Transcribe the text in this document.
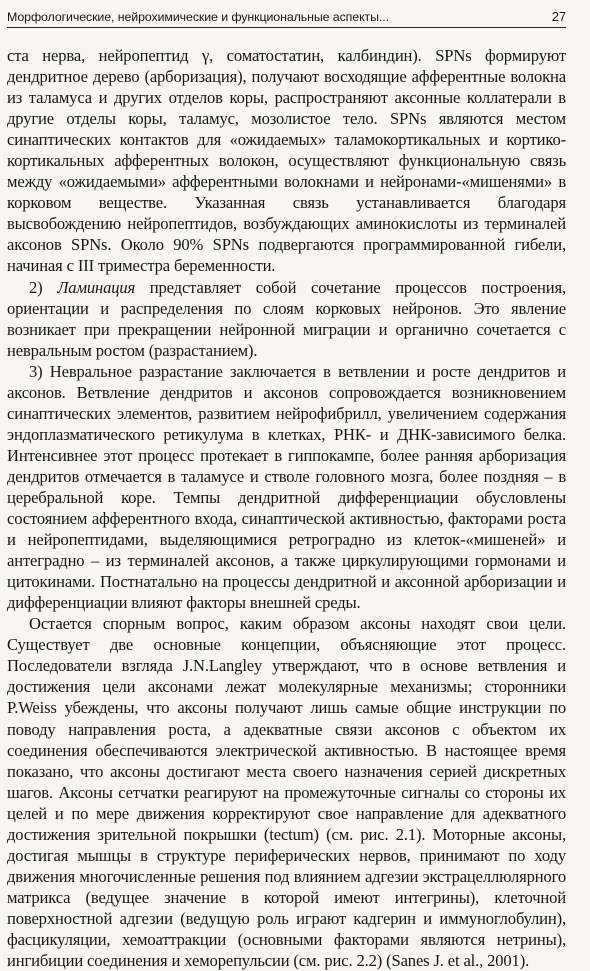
Морфологические, нейрохимические и функциональные аспекты...	27

ста нерва, нейропептид γ, соматостатин, калбиндин). SPNs формируют дендритное дерево (арборизация), получают восходящие афферентные волокна из таламуса и других отделов коры, распространяют аксонные коллатерали в другие отделы коры, таламус, мозолистое тело. SPNs являются местом синаптических контактов для «ожидаемых» таламокортикальных и кортико-кортикальных афферентных волокон, осуществляют функциональную связь между «ожидаемыми» афферентными волокнами и нейронами-«мишенями» в корковом веществе. Указанная связь устанавливается благодаря высвобождению нейропептидов, возбуждающих аминокислоты из терминалей аксонов SPNs. Около 90% SPNs подвергаются программированной гибели, начиная с III триместра беременности.

2) Ламинация представляет собой сочетание процессов построения, ориентации и распределения по слоям корковых нейронов. Это явление возникает при прекращении нейронной миграции и органично сочетается с невральным ростом (разрастанием).

3) Невральное разрастание заключается в ветвлении и росте дендритов и аксонов. Ветвление дендритов и аксонов сопровождается возникновением синаптических элементов, развитием нейрофибрилл, увеличением содержания эндоплазматического ретикулума в клетках, РНК- и ДНК-зависимого белка. Интенсивнее этот процесс протекает в гиппокампе, более ранняя арборизация дендритов отмечается в таламусе и стволе головного мозга, более поздняя – в церебральной коре. Темпы дендритной дифференциации обусловлены состоянием афферентного входа, синаптической активностью, факторами роста и нейропептидами, выделяющимися ретроградно из клеток-«мишеней» и антеградно – из терминалей аксонов, а также циркулирующими гормонами и цитокинами. Постнатально на процессы дендритной и аксонной арборизации и дифференциации влияют факторы внешней среды.

Остается спорным вопрос, каким образом аксоны находят свои цели. Существует две основные концепции, объясняющие этот процесс. Последователи взгляда J.N.Langley утверждают, что в основе ветвления и достижения цели аксонами лежат молекулярные механизмы; сторонники P.Weiss убеждены, что аксоны получают лишь самые общие инструкции по поводу направления роста, а адекватные связи аксонов с объектом их соединения обеспечиваются электрической активностью. В настоящее время показано, что аксоны достигают места своего назначения серией дискретных шагов. Аксоны сетчатки реагируют на промежуточные сигналы со стороны их целей и по мере движения корректируют свое направление для адекватного достижения зрительной покрышки (tectum) (см. рис. 2.1). Моторные аксоны, достигая мышцы в структуре периферических нервов, принимают по ходу движения многочисленные решения под влиянием адгезии экстрацеллюлярного матрикса (ведущее значение в которой имеют интегрины), клеточной поверхностной адгезии (ведущую роль играют кадгерин и иммуноглобулин), фасцикуляции, хемоаттракции (основными факторами являются нетрины), ингибиции соединения и хеморепульсии (см. рис. 2.2) (Sanes J. et al., 2001).
